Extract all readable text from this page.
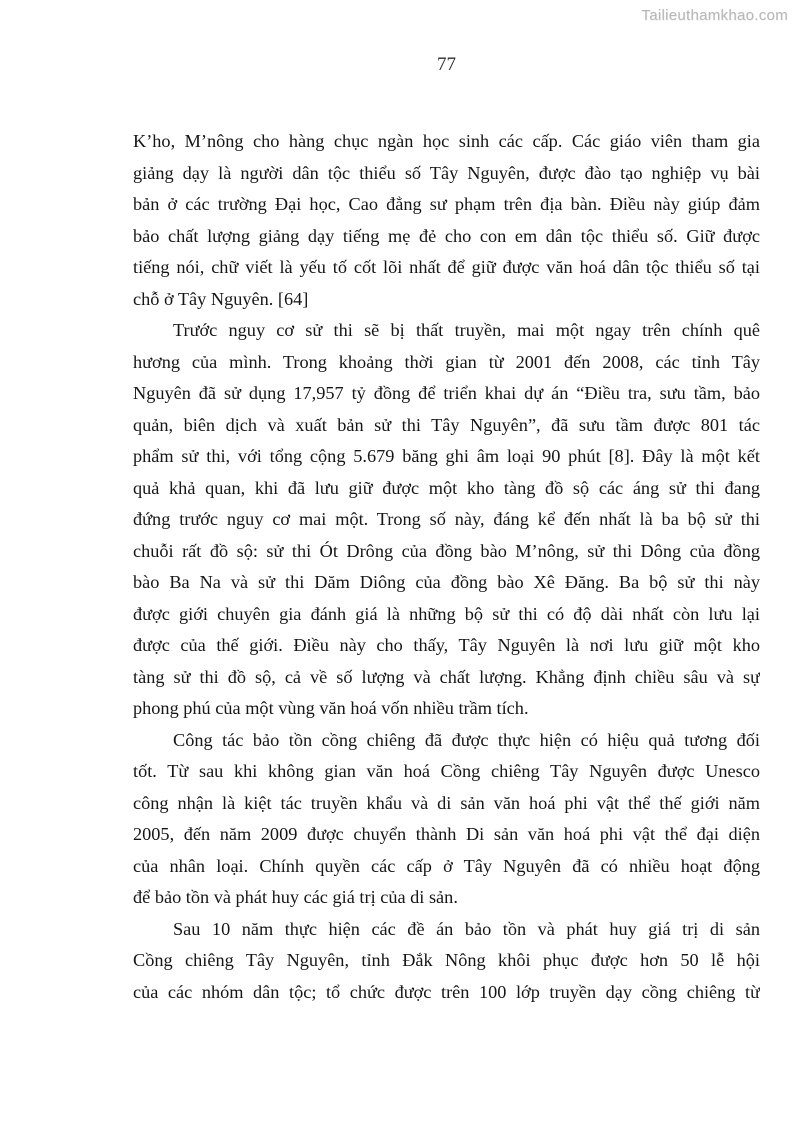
Tailieuthamkhao.com
77
K’ho, M’nông cho hàng chục ngàn học sinh các cấp. Các giáo viên tham gia
giảng dạy là người dân tộc thiểu số Tây Nguyên, được đào tạo nghiệp vụ bài
bản ở các trường Đại học, Cao đẳng sư phạm trên địa bàn. Điều này giúp đảm
bảo chất lượng giảng dạy tiếng mẹ đẻ cho con em dân tộc thiểu số. Giữ được
tiếng nói, chữ viết là yếu tố cốt lõi nhất để giữ được văn hoá dân tộc thiểu số tại
chỗ ở Tây Nguyên. [64]
Trước nguy cơ sử thi sẽ bị thất truyền, mai một ngay trên chính quê
hương của mình. Trong khoảng thời gian từ 2001 đến 2008, các tỉnh Tây
Nguyên đã sử dụng 17,957 tỷ đồng để triển khai dự án “Điều tra, sưu tầm, bảo
quản, biên dịch và xuất bản sử thi Tây Nguyên”, đã sưu tầm được 801 tác
phẩm sử thi, với tổng cộng 5.679 băng ghi âm loại 90 phút [8]. Đây là một kết
quả khả quan, khi đã lưu giữ được một kho tàng đồ sộ các áng sử thi đang
đứng trước nguy cơ mai một. Trong số này, đáng kể đến nhất là ba bộ sử thi
chuỗi rất đồ sộ: sử thi Ót Drông của đồng bào M’nông, sử thi Dông của đồng
bào Ba Na và sử thi Dăm Diông của đồng bào Xê Đăng. Ba bộ sử thi này
được giới chuyên gia đánh giá là những bộ sử thi có độ dài nhất còn lưu lại
được của thế giới. Điều này cho thấy, Tây Nguyên là nơi lưu giữ một kho
tàng sử thi đồ sộ, cả về số lượng và chất lượng. Khẳng định chiều sâu và sự
phong phú của một vùng văn hoá vốn nhiều trầm tích.
Công tác bảo tồn cồng chiêng đã được thực hiện có hiệu quả tương đối
tốt. Từ sau khi không gian văn hoá Cồng chiêng Tây Nguyên được Unesco
công nhận là kiệt tác truyền khẩu và di sản văn hoá phi vật thể thế giới năm
2005, đến năm 2009 được chuyển thành Di sản văn hoá phi vật thể đại diện
của nhân loại. Chính quyền các cấp ở Tây Nguyên đã có nhiều hoạt động
để bảo tồn và phát huy các giá trị của di sản.
Sau 10 năm thực hiện các đề án bảo tồn và phát huy giá trị di sản
Cồng chiêng Tây Nguyên, tỉnh Đắk Nông khôi phục được hơn 50 lễ hội
của các nhóm dân tộc; tổ chức được trên 100 lớp truyền dạy cồng chiêng từ
